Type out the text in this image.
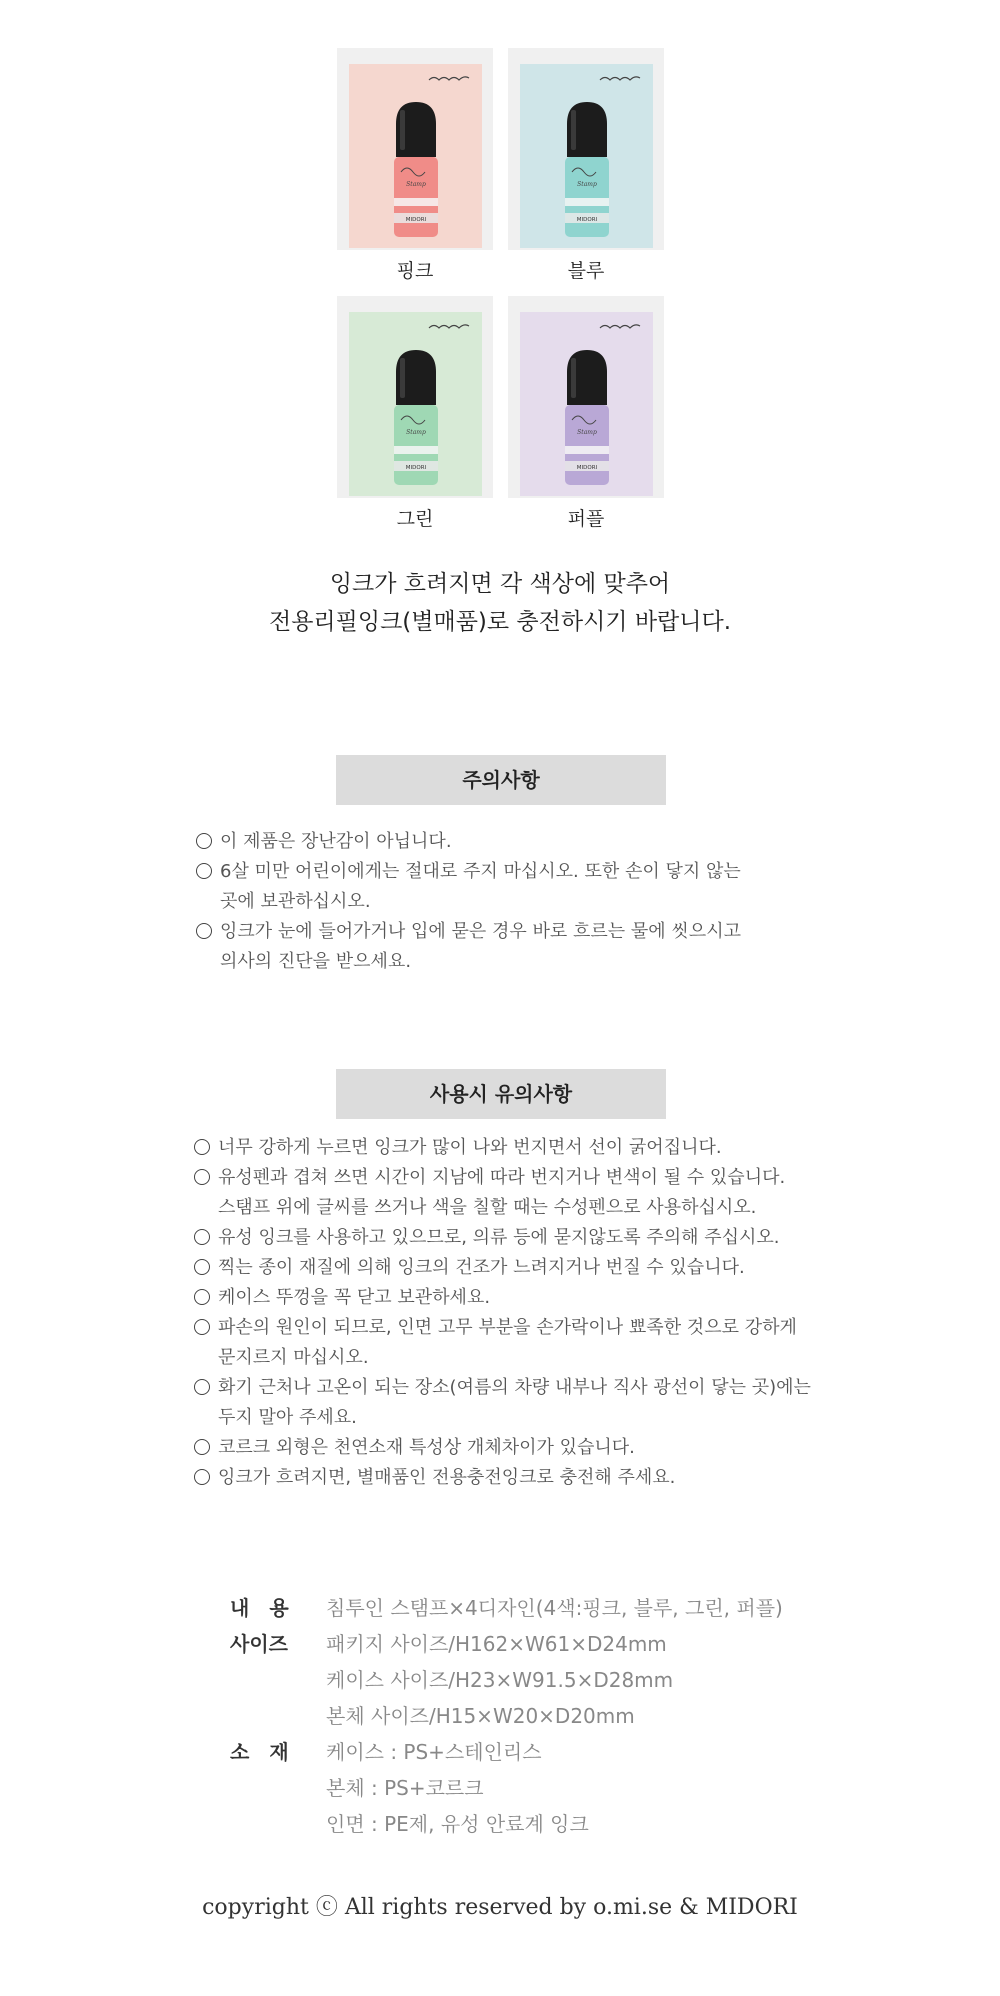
Stamp
MIDORI
핑크
Stamp
MIDORI
블루
Stamp
MIDORI
그린
Stamp
MIDORI
퍼플
잉크가 흐려지면 각 색상에 맞추어
전용리필잉크(별매품)로 충전하시기 바랍니다.
주의사항
이 제품은 장난감이 아닙니다.
6살 미만 어린이에게는 절대로 주지 마십시오. 또한 손이 닿지 않는
곳에 보관하십시오.
잉크가 눈에 들어가거나 입에 묻은 경우 바로 흐르는 물에 씻으시고
의사의 진단을 받으세요.
사용시 유의사항
너무 강하게 누르면 잉크가 많이 나와 번지면서 선이 굵어집니다.
유성펜과 겹쳐 쓰면 시간이 지남에 따라 번지거나 변색이 될 수 있습니다.
스탬프 위에 글씨를 쓰거나 색을 칠할 때는 수성펜으로 사용하십시오.
유성 잉크를 사용하고 있으므로, 의류 등에 묻지않도록 주의해 주십시오.
찍는 종이 재질에 의해 잉크의 건조가 느려지거나 번질 수 있습니다.
케이스 뚜껑을 꼭 닫고 보관하세요.
파손의 원인이 되므로, 인면 고무 부분을 손가락이나 뾰족한 것으로 강하게
문지르지 마십시오.
화기 근처나 고온이 되는 장소(여름의 차량 내부나 직사 광선이 닿는 곳)에는
두지 말아 주세요.
코르크 외형은 천연소재 특성상 개체차이가 있습니다.
잉크가 흐려지면, 별매품인 전용충전잉크로 충전해 주세요.
내　용	침투인 스탬프×4디자인(4색:핑크, 블루, 그린, 퍼플)
사이즈	패키지 사이즈/H162×W61×D24mm
케이스 사이즈/H23×W91.5×D28mm
본체 사이즈/H15×W20×D20mm
소　재	케이스 : PS+스테인리스
본체 : PS+코르크
인면 : PE제, 유성 안료계 잉크
copyright ⓒ All rights reserved by o.mi.se & MIDORI
